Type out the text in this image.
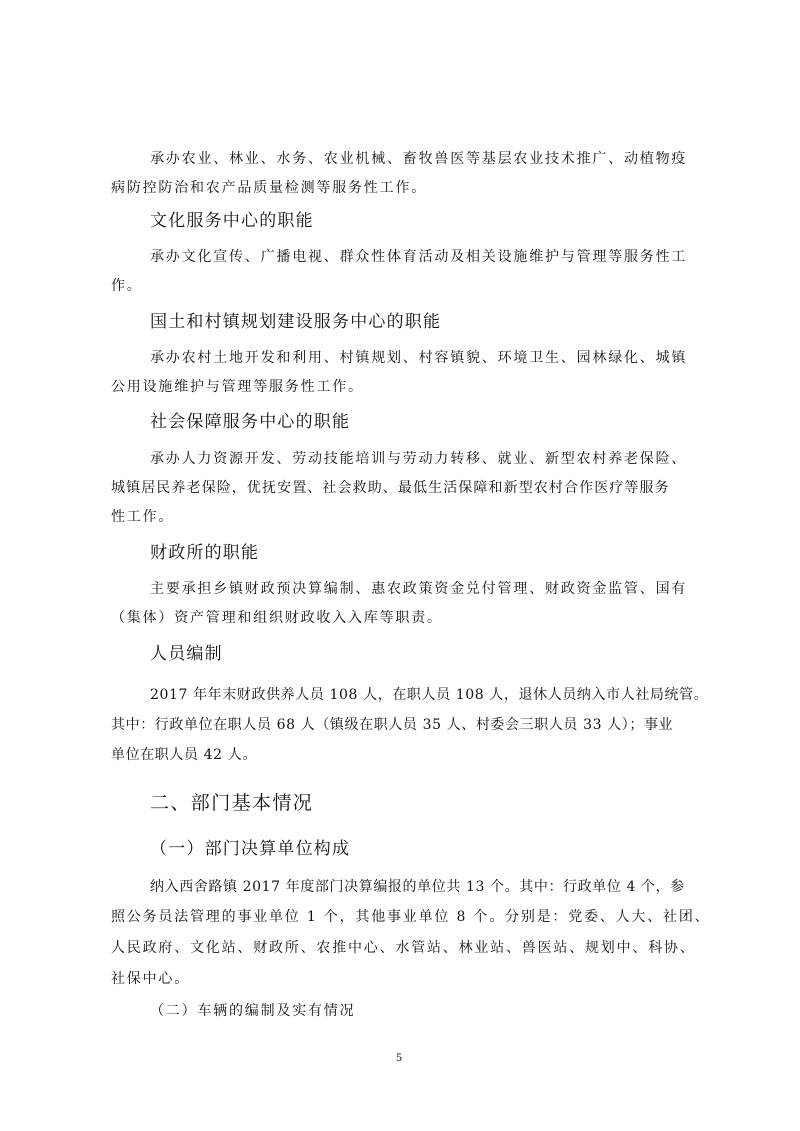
承办农业、林业、水务、农业机械、畜牧兽医等基层农业技术推广、动植物疫
病防控防治和农产品质量检测等服务性工作。
文化服务中心的职能
承办文化宣传、广播电视、群众性体育活动及相关设施维护与管理等服务性工
作。
国土和村镇规划建设服务中心的职能
承办农村土地开发和利用、村镇规划、村容镇貌、环境卫生、园林绿化、城镇
公用设施维护与管理等服务性工作。
社会保障服务中心的职能
承办人力资源开发、劳动技能培训与劳动力转移、就业、新型农村养老保险、
城镇居民养老保险，优抚安置、社会救助、最低生活保障和新型农村合作医疗等服务
性工作。
财政所的职能
主要承担乡镇财政预决算编制、惠农政策资金兑付管理、财政资金监管、国有
（集体）资产管理和组织财政收入入库等职责。
人员编制
2017 年年末财政供养人员 108 人，在职人员 108 人，退休人员纳入市人社局统管。
其中：行政单位在职人员 68 人（镇级在职人员 35 人、村委会三职人员 33 人）；事业
单位在职人员 42 人。
二、部门基本情况
（一）部门决算单位构成
纳入西舍路镇 2017 年度部门决算编报的单位共 13 个。其中：行政单位 4 个，参
照公务员法管理的事业单位 1 个，其他事业单位 8 个。分别是：党委、人大、社团、
人民政府、文化站、财政所、农推中心、水管站、林业站、兽医站、规划中、科协、
社保中心。
（二）车辆的编制及实有情况
5
